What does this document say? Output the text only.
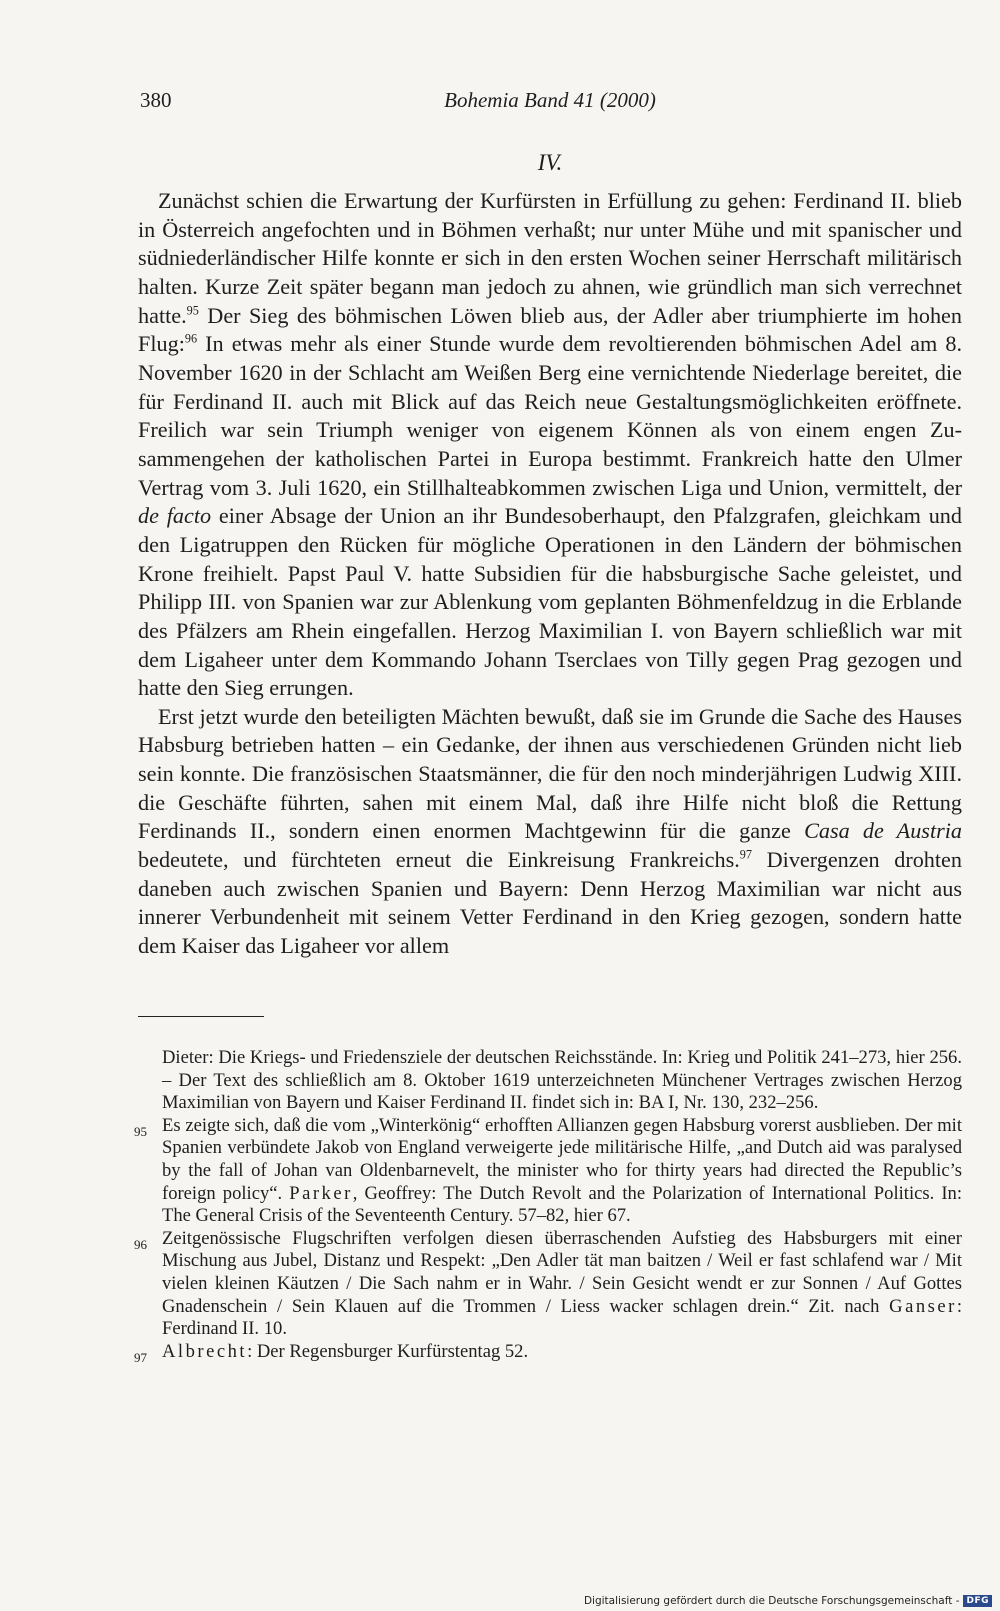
380	Bohemia Band 41 (2000)
IV.

Zunächst schien die Erwartung der Kurfürsten in Erfüllung zu gehen: Ferdinand II. blieb in Österreich angefochten und in Böhmen verhaßt; nur unter Mühe und mit spanischer und südniederländischer Hilfe konnte er sich in den ersten Wochen seiner Herrschaft militärisch halten. Kurze Zeit später begann man jedoch zu ahnen, wie gründlich man sich verrechnet hatte.$^{95}$ Der Sieg des böhmischen Löwen blieb aus, der Adler aber triumphierte im hohen Flug:$^{96}$ In etwas mehr als einer Stunde wurde dem revoltierenden böhmischen Adel am 8. November 1620 in der Schlacht am Weißen Berg eine vernichtende Niederlage bereitet, die für Ferdinand II. auch mit Blick auf das Reich neue Gestaltungsmöglichkeiten eröffnete. Freilich war sein Triumph weniger von eigenem Können als von einem engen Zusammengehen der katholischen Partei in Europa bestimmt. Frankreich hatte den Ulmer Vertrag vom 3. Juli 1620, ein Stillhalteabkommen zwischen Liga und Union, vermittelt, der de facto einer Absage der Union an ihr Bundesoberhaupt, den Pfalzgrafen, gleichkam und den Ligatruppen den Rücken für mögliche Operationen in den Ländern der böhmischen Krone freihielt. Papst Paul V. hatte Subsidien für die habsburgische Sache geleistet, und Philipp III. von Spanien war zur Ablenkung vom geplanten Böhmenfeldzug in die Erblande des Pfälzers am Rhein eingefallen. Herzog Maximilian I. von Bayern schließlich war mit dem Ligaheer unter dem Kommando Johann Tserclaes von Tilly gegen Prag gezogen und hatte den Sieg errungen.

Erst jetzt wurde den beteiligten Mächten bewußt, daß sie im Grunde die Sache des Hauses Habsburg betrieben hatten – ein Gedanke, der ihnen aus verschiedenen Gründen nicht lieb sein konnte. Die französischen Staatsmänner, die für den noch minderjährigen Ludwig XIII. die Geschäfte führten, sahen mit einem Mal, daß ihre Hilfe nicht bloß die Rettung Ferdinands II., sondern einen enormen Machtgewinn für die ganze Casa de Austria bedeutete, und fürchteten erneut die Einkreisung Frankreichs.$^{97}$ Divergenzen drohten daneben auch zwischen Spanien und Bayern: Denn Herzog Maximilian war nicht aus innerer Verbundenheit mit seinem Vetter Ferdinand in den Krieg gezogen, sondern hatte dem Kaiser das Ligaheer vor allem

Dieter: Die Kriegs- und Friedensziele der deutschen Reichsstände. In: Krieg und Politik 241–273, hier 256. – Der Text des schließlich am 8. Oktober 1619 unterzeichneten Münchener Vertrages zwischen Herzog Maximilian von Bayern und Kaiser Ferdinand II. findet sich in: BA I, Nr. 130, 232–256.

95 Es zeigte sich, daß die vom „Winterkönig“ erhofften Allianzen gegen Habsburg vorerst ausblieben. Der mit Spanien verbündete Jakob von England verweigerte jede militärische Hilfe, „and Dutch aid was paralysed by the fall of Johan van Oldenbarnevelt, the minister who for thirty years had directed the Republic’s foreign policy“. Parker, Geoffrey: The Dutch Revolt and the Polarization of International Politics. In: The General Crisis of the Seventeenth Century. 57–82, hier 67.

96 Zeitgenössische Flugschriften verfolgen diesen überraschenden Aufstieg des Habsburgers mit einer Mischung aus Jubel, Distanz und Respekt: „Den Adler tät man baitzen / Weil er fast schlafend war / Mit vielen kleinen Käutzen / Die Sach nahm er in Wahr. / Sein Gesicht wendt er zur Sonnen / Auf Gottes Gnadenschein / Sein Klauen auf die Trommen / Liess wacker schlagen drein.“ Zit. nach Ganser: Ferdinand II. 10.

97 Albrecht: Der Regensburger Kurfürstentag 52.

Digitalisierung gefördert durch die Deutsche Forschungsgemeinschaft - DFG
